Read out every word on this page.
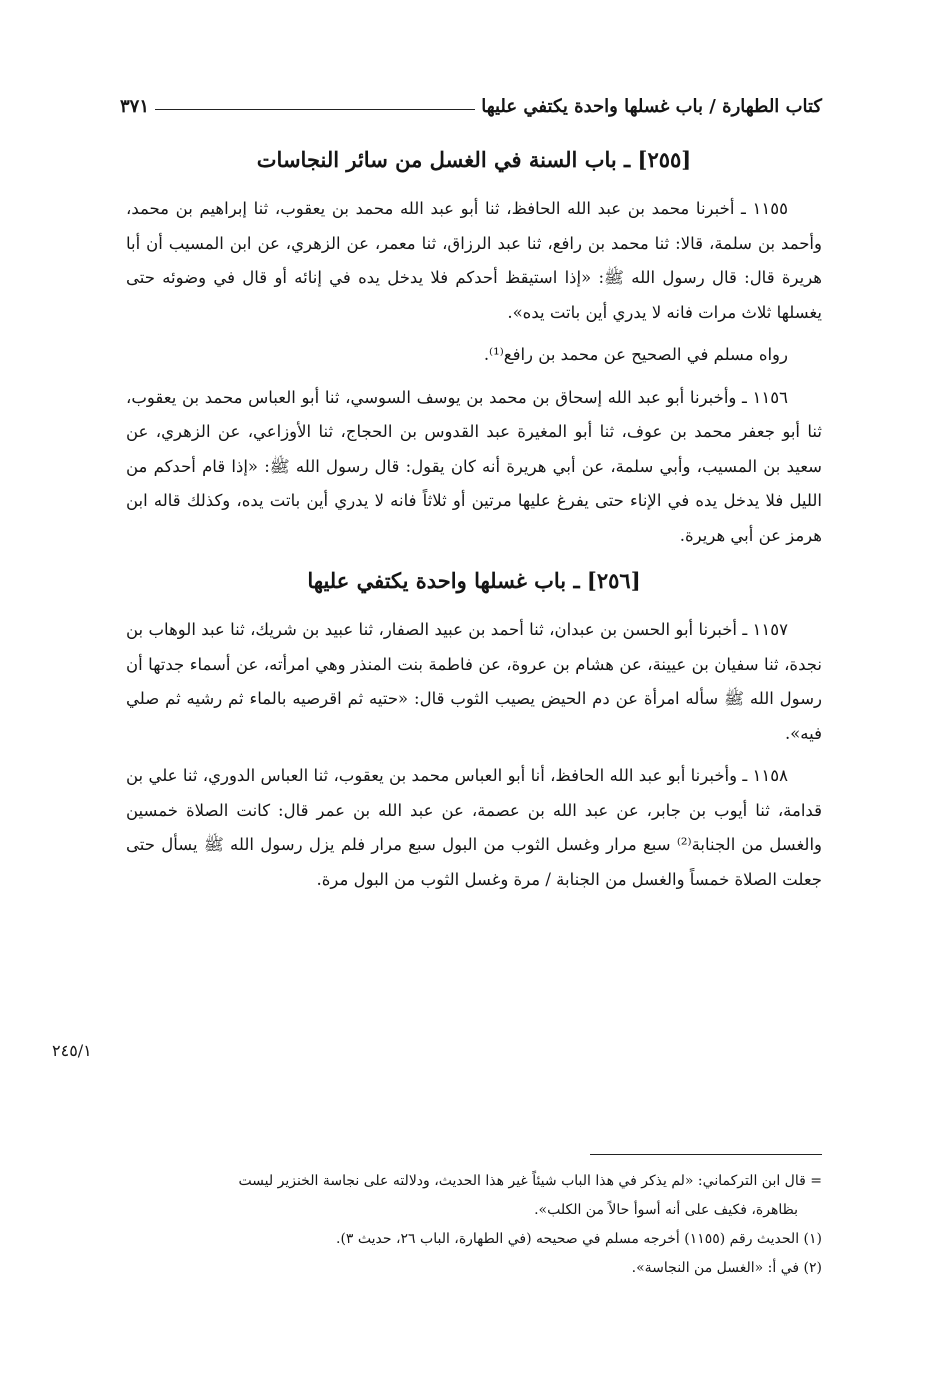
كتاب الطهارة / باب غسلها واحدة يكتفي عليها
٣٧١
[٢٥٥] ـ باب السنة في الغسل من سائر النجاسات

١١٥٥ ـ أخبرنا محمد بن عبد الله الحافظ، ثنا أبو عبد الله محمد بن يعقوب، ثنا إبراهيم بن محمد، وأحمد بن سلمة، قالا: ثنا محمد بن رافع، ثنا عبد الرزاق، ثنا معمر، عن الزهري، عن ابن المسيب أن أبا هريرة قال: قال رسول الله ﷺ: «إذا استيقظ أحدكم فلا يدخل يده في إنائه أو قال في وضوئه حتى يغسلها ثلاث مرات فانه لا يدري أين باتت يده».

رواه مسلم في الصحيح عن محمد بن رافع⁽¹⁾.

١١٥٦ ـ وأخبرنا أبو عبد الله إسحاق بن محمد بن يوسف السوسي، ثنا أبو العباس محمد بن يعقوب، ثنا أبو جعفر محمد بن عوف، ثنا أبو المغيرة عبد القدوس بن الحجاج، ثنا الأوزاعي، عن الزهري، عن سعيد بن المسيب، وأبي سلمة، عن أبي هريرة أنه كان يقول: قال رسول الله ﷺ: «إذا قام أحدكم من الليل فلا يدخل يده في الإناء حتى يفرغ عليها مرتين أو ثلاثاً فانه لا يدري أين باتت يده، وكذلك قاله ابن هرمز عن أبي هريرة.

[٢٥٦] ـ باب غسلها واحدة يكتفي عليها

١١٥٧ ـ أخبرنا أبو الحسن بن عبدان، ثنا أحمد بن عبيد الصفار، ثنا عبيد بن شريك، ثنا عبد الوهاب بن نجدة، ثنا سفيان بن عيينة، عن هشام بن عروة، عن فاطمة بنت المنذر وهي امرأته، عن أسماء جدتها أن رسول الله ﷺ سأله امرأة عن دم الحيض يصيب الثوب قال: «حتيه ثم اقرصيه بالماء ثم رشيه ثم صلي فيه».

١١٥٨ ـ وأخبرنا أبو عبد الله الحافظ، أنا أبو العباس محمد بن يعقوب، ثنا العباس الدوري، ثنا علي بن قدامة، ثنا أيوب بن جابر، عن عبد الله بن عصمة، عن عبد الله بن عمر قال: كانت الصلاة خمسين والغسل من الجنابة⁽²⁾ سبع مرار وغسل الثوب من البول سبع مرار فلم يزل رسول الله ﷺ يسأل حتى جعلت الصلاة خمساً والغسل من الجنابة / مرة وغسل الثوب من البول مرة.

٢٤٥/١
= قال ابن التركماني: «لم يذكر في هذا الباب شيئاً غير هذا الحديث، ودلالته على نجاسة الخنزير ليست
بظاهرة، فكيف على أنه أسوأ حالاً من الكلب».
(١) الحديث رقم (١١٥٥) أخرجه مسلم في صحيحه (في الطهارة، الباب ٢٦، حديث ٣).
(٢) في أ: «الغسل من النجاسة».
